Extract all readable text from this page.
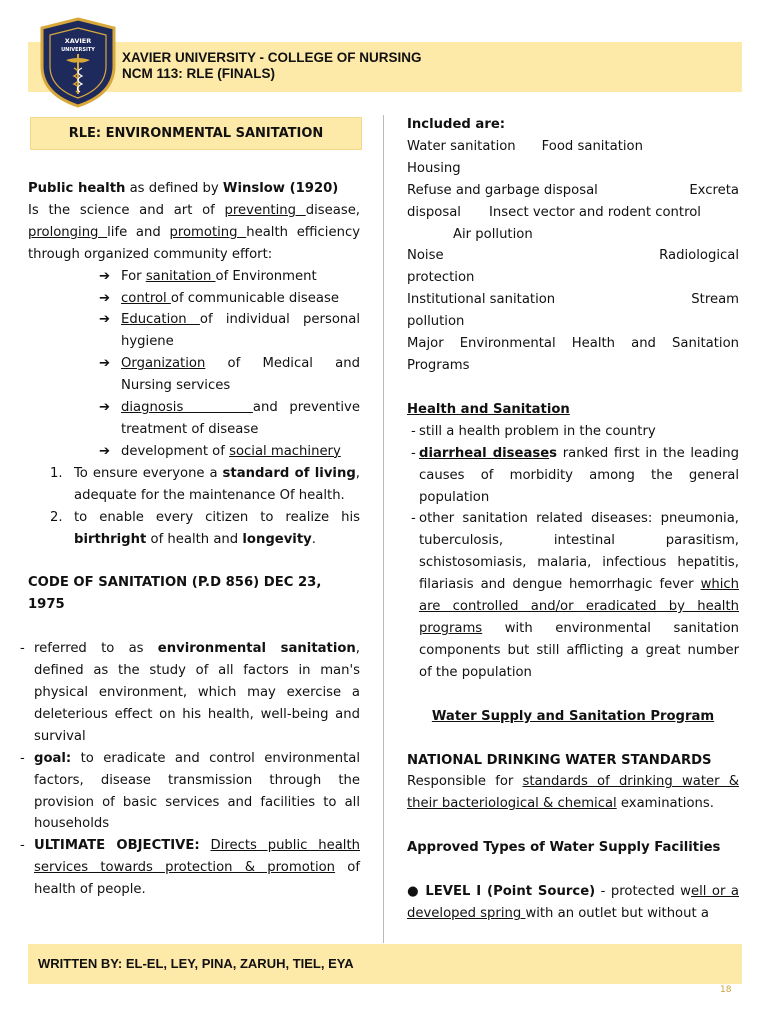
XAVIER
UNIVERSITY XAVIER UNIVERSITY - COLLEGE OF NURSING
NCM 113: RLE (FINALS)
RLE: ENVIRONMENTAL SANITATION

Public health as defined by Winslow (1920)

Is the science and art of preventing disease, prolonging life and promoting health efficiency through organized community effort:

➔ For sanitation of Environment
➔ control of communicable disease
➔ Education of individual personal hygiene
➔ Organization of Medical and Nursing services
➔ diagnosis      and preventive treatment of disease
➔ development of social machinery
1. To ensure everyone a standard of living, adequate for the maintenance Of health.
2. to enable every citizen to realize his birthright of health and longevity.

CODE OF SANITATION (P.D 856) DEC 23, 1975

- referred to as environmental sanitation, defined as the study of all factors in man's physical environment, which may exercise a deleterious effect on his health, well-being and survival
- goal: to eradicate and control environmental factors, disease transmission through the provision of basic services and facilities to all households
- ULTIMATE OBJECTIVE: Directs public health services towards protection & promotion of health of people.

Included are:

Water sanitation Food sanitation

Housing

Refuse and garbage disposal	Excreta

disposal Insect vector and rodent control

Air pollution

Noise	Radiological

protection

Institutional sanitation	Stream

pollution

Major Environmental Health and Sanitation Programs

Health and Sanitation

- still a health problem in the country
- diarrheal diseases ranked first in the leading causes of morbidity among the general population
- other sanitation related diseases: pneumonia, tuberculosis, intestinal parasitism, schistosomiasis, malaria, infectious hepatitis, filariasis and dengue hemorrhagic fever which are controlled and/or eradicated by health programs with environmental sanitation components but still afflicting a great number of the population

Water Supply and Sanitation Program

NATIONAL DRINKING WATER STANDARDS

Responsible for standards of drinking water & their bacteriological & chemical examinations.

Approved Types of Water Supply Facilities

● LEVEL I (Point Source) - protected well or a developed spring with an outlet but without a

WRITTEN BY: EL-EL, LEY, PINA, ZARUH, TIEL, EYA
18
